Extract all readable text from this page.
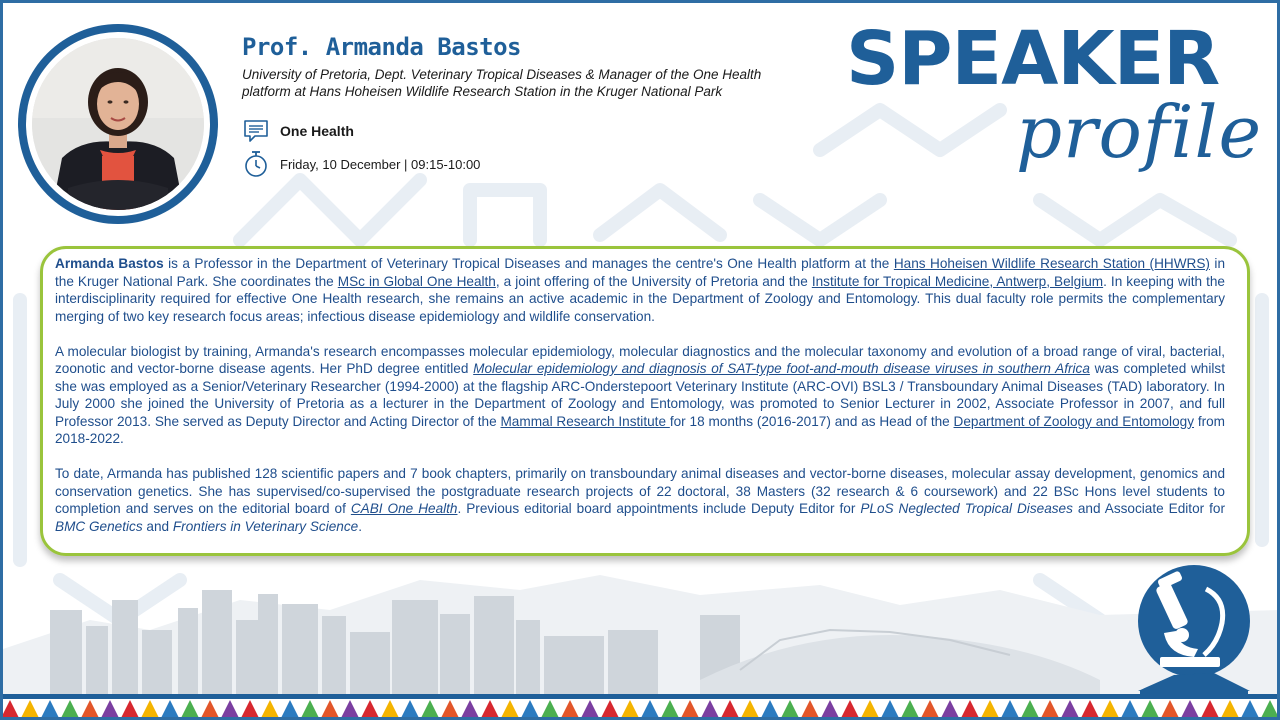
Prof. Armanda Bastos
University of Pretoria, Dept. Veterinary Tropical Diseases & Manager of the One Health platform at Hans Hoheisen Wildlife Research Station in the Kruger National Park
One Health
Friday, 10 December | 09:15-10:00
SPEAKER
profile

Armanda Bastos is a Professor in the Department of Veterinary Tropical Diseases and manages the centre's One Health platform at the Hans Hoheisen Wildlife Research Station (HHWRS) in the Kruger National Park. She coordinates the MSc in Global One Health, a joint offering of the University of Pretoria and the Institute for Tropical Medicine, Antwerp, Belgium. In keeping with the interdisciplinarity required for effective One Health research, she remains an active academic in the Department of Zoology and Entomology. This dual faculty role permits the complementary merging of two key research focus areas; infectious disease epidemiology and wildlife conservation.

A molecular biologist by training, Armanda's research encompasses molecular epidemiology, molecular diagnostics and the molecular taxonomy and evolution of a broad range of viral, bacterial, zoonotic and vector-borne disease agents. Her PhD degree entitled Molecular epidemiology and diagnosis of SAT-type foot-and-mouth disease viruses in southern Africa was completed whilst she was employed as a Senior/Veterinary Researcher (1994-2000) at the flagship ARC-Onderstepoort Veterinary Institute (ARC-OVI) BSL3 / Transboundary Animal Diseases (TAD) laboratory. In July 2000 she joined the University of Pretoria as a lecturer in the Department of Zoology and Entomology, was promoted to Senior Lecturer in 2002, Associate Professor in 2007, and full Professor 2013. She served as Deputy Director and Acting Director of the Mammal Research Institute for 18 months (2016-2017) and as Head of the Department of Zoology and Entomology from 2018-2022.

To date, Armanda has published 128 scientific papers and 7 book chapters, primarily on transboundary animal diseases and vector-borne diseases, molecular assay development, genomics and conservation genetics. She has supervised/co-supervised the postgraduate research projects of 22 doctoral, 38 Masters (32 research & 6 coursework) and 22 BSc Hons level students to completion and serves on the editorial board of CABI One Health. Previous editorial board appointments include Deputy Editor for PLoS Neglected Tropical Diseases and Associate Editor for BMC Genetics and Frontiers in Veterinary Science.
